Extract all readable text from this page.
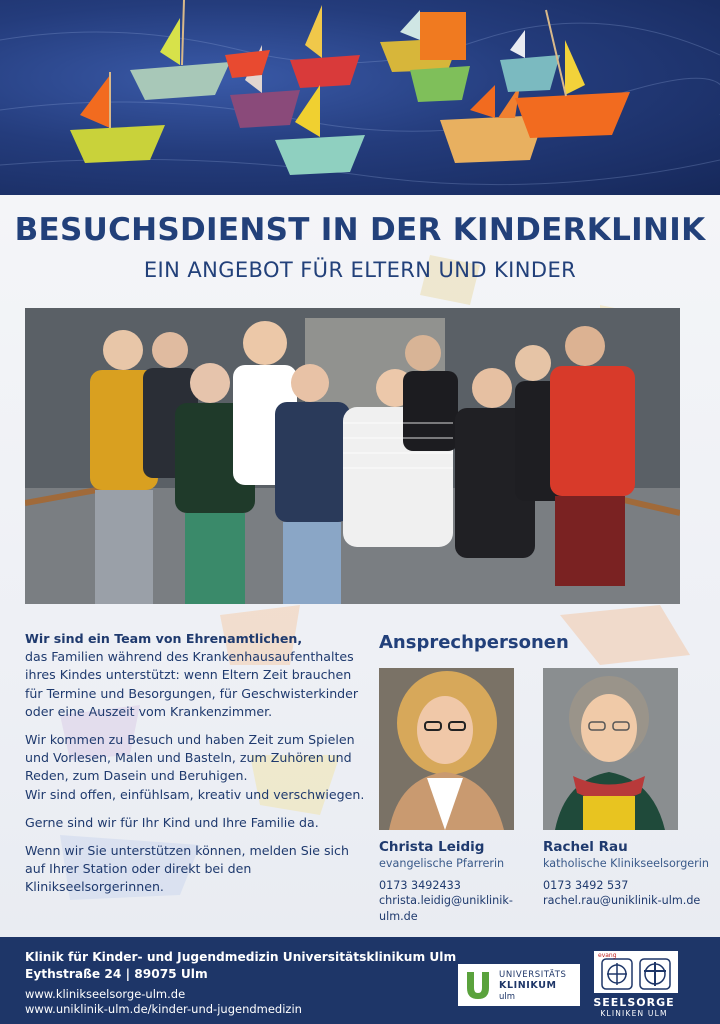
BESUCHSDIENST IN DER KINDERKLINIK
EIN ANGEBOT FÜR ELTERN UND KINDER

Wir sind ein Team von Ehrenamtlichen,
das Familien während des Krankenhausaufenthaltes ihres Kindes unterstützt: wenn Eltern Zeit brauchen für Termine und Besorgungen, für Geschwisterkinder oder eine Auszeit vom Krankenzimmer.

Wir kommen zu Besuch und haben Zeit zum Spielen und Vorlesen, Malen und Basteln, zum Zuhören und Reden, zum Dasein und Beruhigen.
Wir sind offen, einfühlsam, kreativ und verschwiegen.

Gerne sind wir für Ihr Kind und Ihre Familie da.

Wenn wir Sie unterstützen können, melden Sie sich auf Ihrer Station oder direkt bei den Klinikseelsorgerinnen.

Ansprechpersonen
Christa Leidig
evangelische Pfarrerin
0173 3492433
christa.leidig@uniklinik-ulm.de
Rachel Rau
katholische Klinikseelsorgerin
0173 3492 537
rachel.rau@uniklinik-ulm.de
Klinik für Kinder- und Jugendmedizin Universitätsklinikum Ulm
Eythstraße 24 | 89075 Ulm
www.klinikseelsorge-ulm.de
www.uniklinik-ulm.de/kinder-und-jugendmedizin
UNIVERSITÄTS
KLINIKUM
ulm
evang
SEELSORGE
KLINIKEN ULM
